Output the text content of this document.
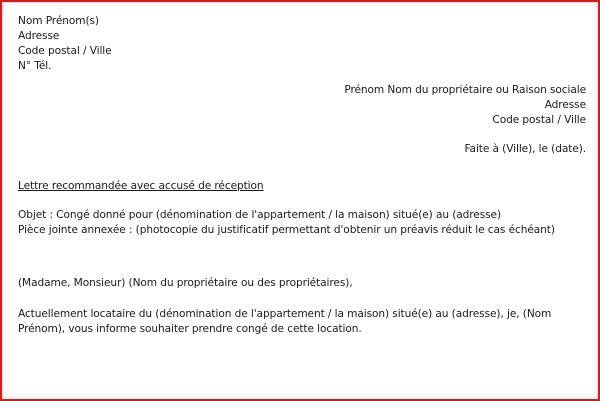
Nom Prénom(s)
Adresse
Code postal / Ville
N° Tél.
Prénom Nom du propriétaire ou Raison sociale
Adresse
Code postal / Ville
Faite à (Ville), le (date).
Lettre recommandée avec accusé de réception
Objet : Congé donné pour (dénomination de l'appartement / la maison) situé(e) au (adresse)
Pièce jointe annexée : (photocopie du justificatif permettant d'obtenir un préavis réduit le cas échéant)
(Madame, Monsieur) (Nom du propriétaire ou des propriétaires),
Actuellement locataire du (dénomination de l'appartement / la maison) situé(e) au (adresse), je, (Nom Prénom), vous informe souhaiter prendre congé de cette location.
